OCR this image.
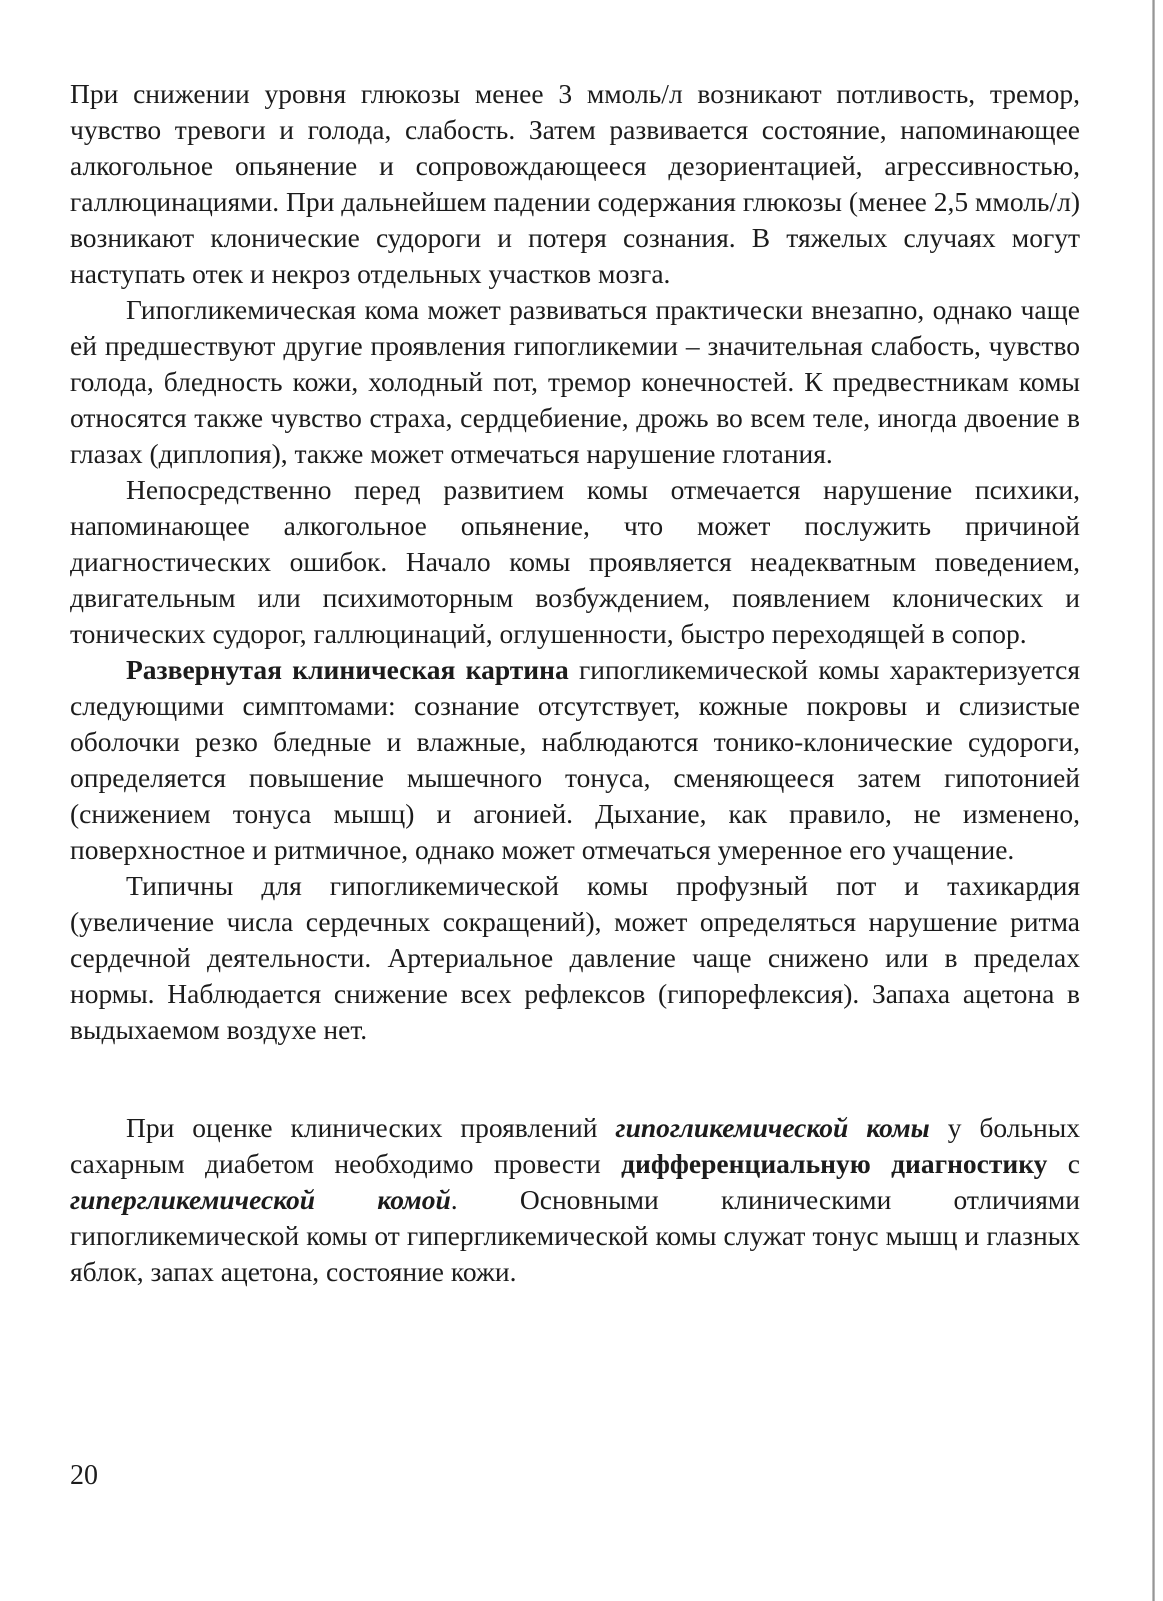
При снижении уровня глюкозы менее 3 ммоль/л возникают потливость, тремор, чувство тревоги и голода, слабость. Затем развивается состояние, напоминающее алкогольное опьянение и сопровождающееся дезориентацией, агрессивностью, галлюцинациями. При дальнейшем падении содержания глюкозы (менее 2,5 ммоль/л) возникают клонические судороги и потеря сознания. В тяжелых случаях могут наступать отек и некроз отдельных участков мозга.

Гипогликемическая кома может развиваться практически внезапно, однако чаще ей предшествуют другие проявления гипогликемии – значительная слабость, чувство голода, бледность кожи, холодный пот, тремор конечностей. К предвестникам комы относятся также чувство страха, сердцебиение, дрожь во всем теле, иногда двоение в глазах (диплопия), также может отмечаться нарушение глотания.

Непосредственно перед развитием комы отмечается нарушение психики, напоминающее алкогольное опьянение, что может послужить причиной диагностических ошибок. Начало комы проявляется неадекватным поведением, двигательным или психимоторным возбуждением, появлением клонических и тонических судорог, галлюцинаций, оглушенности, быстро переходящей в сопор.

Развернутая клиническая картина гипогликемической комы характеризуется следующими симптомами: сознание отсутствует, кожные покровы и слизистые оболочки резко бледные и влажные, наблюдаются тонико-клонические судороги, определяется повышение мышечного тонуса, сменяющееся затем гипотонией (снижением тонуса мышц) и агонией. Дыхание, как правило, не изменено, поверхностное и ритмичное, однако может отмечаться умеренное его учащение.

Типичны для гипогликемической комы профузный пот и тахикардия (увеличение числа сердечных сокращений), может определяться нарушение ритма сердечной деятельности. Артериальное давление чаще снижено или в пределах нормы. Наблюдается снижение всех рефлексов (гипорефлексия). Запаха ацетона в выдыхаемом воздухе нет.

При оценке клинических проявлений гипогликемической комы у больных сахарным диабетом необходимо провести дифференциальную диагностику с гипергликемической комой. Основными клиническими отличиями гипогликемической комы от гипергликемической комы служат тонус мышц и глазных яблок, запах ацетона, состояние кожи.

20
